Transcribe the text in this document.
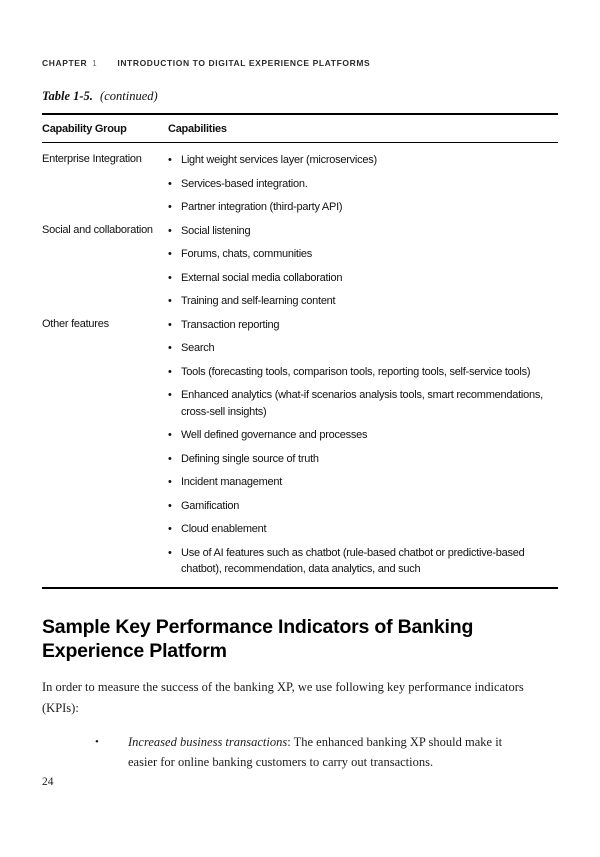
CHAPTER 1 INTRODUCTION TO DIGITAL EXPERIENCE PLATFORMS
Table 1-5. (continued)
Capability Group	Capabilities
Enterprise Integration	• Light weight services layer (microservices)
• Services-based integration.
• Partner integration (third-party API)
Social and collaboration	• Social listening
• Forums, chats, communities
• External social media collaboration
• Training and self-learning content
Other features	• Transaction reporting
• Search
• Tools (forecasting tools, comparison tools, reporting tools, self-service tools)
• Enhanced analytics (what-if scenarios analysis tools, smart recommendations, cross-sell insights)
• Well defined governance and processes
• Defining single source of truth
• Incident management
• Gamification
• Cloud enablement
• Use of AI features such as chatbot (rule-based chatbot or predictive-based chatbot), recommendation, data analytics, and such
Sample Key Performance Indicators of Banking Experience Platform

In order to measure the success of the banking XP, we use following key performance indicators (KPIs):

•	Increased business transactions: The enhanced banking XP should make it easier for online banking customers to carry out transactions.
24
